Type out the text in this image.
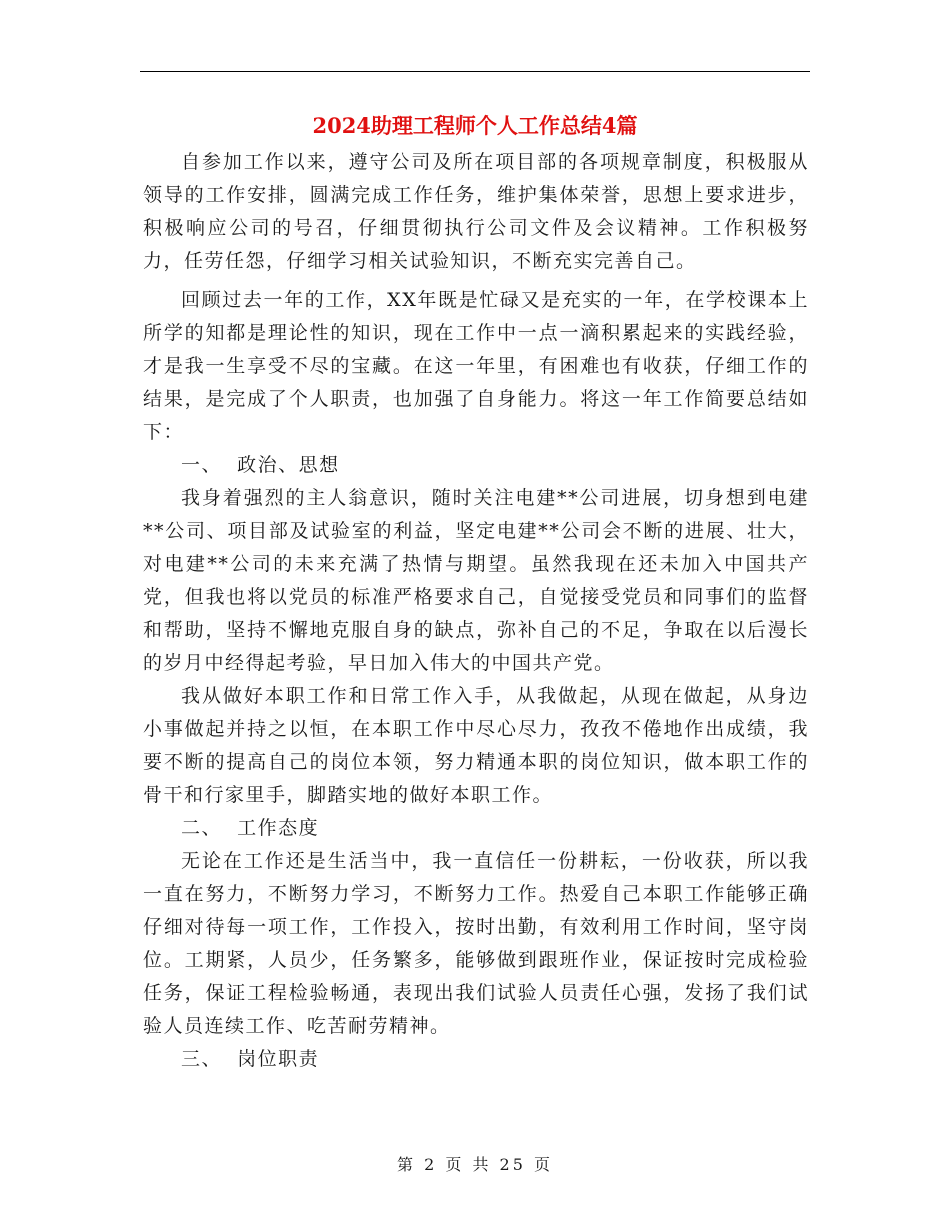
2024助理工程师个人工作总结4篇

自参加工作以来，遵守公司及所在项目部的各项规章制度，积极服从领导的工作安排，圆满完成工作任务，维护集体荣誉，思想上要求进步，积极响应公司的号召，仔细贯彻执行公司文件及会议精神。工作积极努力，任劳任怨，仔细学习相关试验知识，不断充实完善自己。

回顾过去一年的工作，XX年既是忙碌又是充实的一年，在学校课本上所学的知都是理论性的知识，现在工作中一点一滴积累起来的实践经验，才是我一生享受不尽的宝藏。在这一年里，有困难也有收获，仔细工作的结果，是完成了个人职责，也加强了自身能力。将这一年工作简要总结如下：

一、  政治、思想

我身着强烈的主人翁意识，随时关注电建**公司进展，切身想到电建**公司、项目部及试验室的利益，坚定电建**公司会不断的进展、壮大，对电建**公司的未来充满了热情与期望。虽然我现在还未加入中国共产党，但我也将以党员的标准严格要求自己，自觉接受党员和同事们的监督和帮助，坚持不懈地克服自身的缺点，弥补自己的不足，争取在以后漫长的岁月中经得起考验，早日加入伟大的中国共产党。

我从做好本职工作和日常工作入手，从我做起，从现在做起，从身边小事做起并持之以恒，在本职工作中尽心尽力，孜孜不倦地作出成绩，我要不断的提高自己的岗位本领，努力精通本职的岗位知识，做本职工作的骨干和行家里手，脚踏实地的做好本职工作。

二、  工作态度

无论在工作还是生活当中，我一直信任一份耕耘，一份收获，所以我一直在努力，不断努力学习，不断努力工作。热爱自己本职工作能够正确仔细对待每一项工作，工作投入，按时出勤，有效利用工作时间，坚守岗位。工期紧，人员少，任务繁多，能够做到跟班作业，保证按时完成检验任务，保证工程检验畅通，表现出我们试验人员责任心强，发扬了我们试验人员连续工作、吃苦耐劳精神。

三、  岗位职责

第 2 页 共 25 页
